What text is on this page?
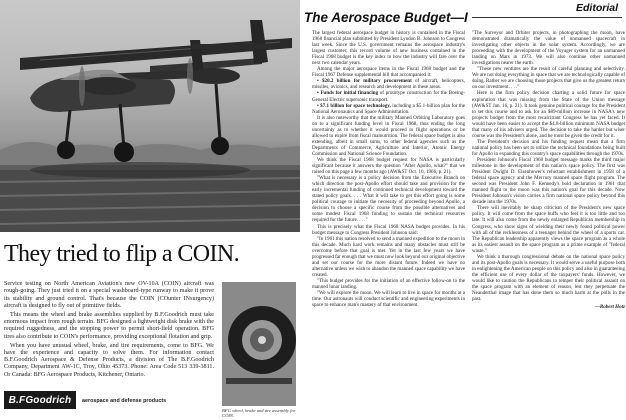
They tried to flip a COIN.

Service testing on North American Aviation's new OV-10A (COIN) aircraft was rough-going. They just tried it on a special washboard-type runway to make it prove its stability and ground control. That's because the COIN (COunter INsurgency) aircraft is designed to fly out of primitive fields.

This means the wheel and brake assemblies supplied by B.F.Goodrich must take enormous impact from rough terrain. BFG designed a lightweight disk brake with the required ruggedness, and the stopping power to permit short-field operation. BFG tires also contribute to COIN's performance, providing exceptional flotation and grip.

When you have unusual wheel, brake, and tire requirements, come to BFG. We have the experience and capacity to solve them. For information contact B.F.Goodrich Aerospace & Defense Products, a division of The B.F.Goodrich Company, Department AW-1C, Troy, Ohio 45373. Phone: Area Code 513 339-3811. Or Canada: BFG Aerospace Products, Kitchener, Ontario.

BFG wheel, brake and tire assembly for COIN.
B.FGoodrich	aerospace and defense products
The Aerospace Budget—I
Editorial

The largest federal aerospace budget in history is contained in the Fiscal 1968 financial plan submitted by President Lyndon B. Johnson to Congress last week. Since the U.S. government remains the aerospace industry's largest customer, this record volume of new business contained in the Fiscal 1968 budget is the key index to how the industry will fare over the next two calendar years.

Among the major aerospace items in the Fiscal 1968 budget and the Fiscal 1967 Defense supplemental bill that accompanied it:

• $20.2 billion for military procurement of aircraft, helicopters, missiles, avionics, and research and development in these areas.

• Funds for initial financing of prototype construction for the Boeing-General Electric supersonic transport.

• $7.1 billion for space technology, including a $5.1-billion plan for the National Aeronautics and Space Administration.

It is also noteworthy that the military Manned Orbiting Laboratory goes on to a significant funding level in Fiscal 1968, thus ending the long uncertainty as to whether it would proceed to flight operations or be allowed to expire from fiscal malnutrition. The federal space budget is also extending, albeit in small sums, to other federal agencies such as the Departments of Commerce, Agriculture and Interior, Atomic Energy Commission and National Science Foundation.

We think the Fiscal 1968 budget request for NASA is particularly significant because it answers the question "After Apollo, what?" that we raised on this page a few months ago (AW&ST Oct. 10, 1966, p. 21).

"What is necessary is a policy decision from the Executive Branch on which direction the post-Apollo effort should take and provision for the early incremental funding of continued technical development toward the stated policy goals. . . . What it will take to get this effort going is some political courage to initiate the necessity of proceeding beyond Apollo, a decision to choose a specific course from the possible alternatives and some modest Fiscal 1968 funding to sustain the technical resources required for the future. . . ."

This is precisely what the Fiscal 1968 NASA budget provides. In his budget message to Congress President Johnson said:

"In 1961 this nation resolved to send a manned expedition to the moon in this decade. Much hard work remains and many obstacles must still be overcome before that goal is met. Yet in the last few years we have progressed far enough that we must now look beyond our original objective and set our course for the more distant future. Indeed we have no alternative unless we wish to abandon the manned space capability we have created.

"This budget provides for the initiation of an effective follow-on to the manned lunar landing.

"We will explore the moon. We will learn to live in space for months at a time. Our astronauts will conduct scientific and engineering experiments in space to enhance man's mastery of that environment.

"The Surveyor and Orbiter projects, in photographing the moon, have demonstrated dramatically the value of unmanned spacecraft in investigating other objects in the solar system. Accordingly, we are proceeding with the development of the Voyager system for an unmanned landing on Mars in 1973. We will also continue other unmanned investigations nearer the earth.

"These new ventures are the result of careful planning and selectivity. We are not doing everything in space that we are technologically capable of doing. Rather we are choosing those projects that give us the greatest return on our investment. . . ."

Here is the firm policy decision charting a solid future for space exploration that was missing from the State of the Union message (AW&ST Jan. 16, p. 21). It took genuine political courage for the President to set this course and to ask for an $89-million increase in NASA's new projects budget from the most recalcitrant Congress he has yet faced. It would have been easier to accept the $4.8-billion minimum NASA budget that many of his advisers urged. The decision to take the harder but wiser course was the President's alone, and he must be given the credit for it.

The President's decision and his funding request mean that a firm national policy has been set to utilize the technical foundations being built for Apollo in expanding this country's space capabilities through the 1970s.

President Johnson's Fiscal 1968 budget message marks the third major milestone in the development of this nation's space policy. The first was President Dwight D. Eisenhower's reluctant establishment in 1958 of a federal space agency and the Mercury manned space flight program. The second was President John F. Kennedy's bold declaration in 1961 that manned flight to the moon was this nation's goal for this decade. Now President Johnson's vision carries a firm national space policy beyond this decade into the 1970s.

There will inevitably be sharp criticism of the President's new space policy. It will come from the space buffs who feel it is too little and too late. It will also come from the newly enlarged Republican membership in Congress, who show signs of wielding their newly found political power with all of the recklessness of a teenager behind the wheel of a sports car. The Republican leadership apparently views the space program as a whole as its easiest assault on the space program as a prime example of "federal waste."

We think a thorough congressional debate on the national space policy and its post-Apollo goals is necessary. It would serve a useful purpose both in enlightening the American people on this policy and also in guaranteeing the efficient use of every dollar of the taxpayers' funds. However, we would like to caution the Republicans to temper their political assault on the space program with an element of reason, lest they perpetuate the Neanderthal image that has done them so much harm at the polls in the past.

—Robert Hotz
